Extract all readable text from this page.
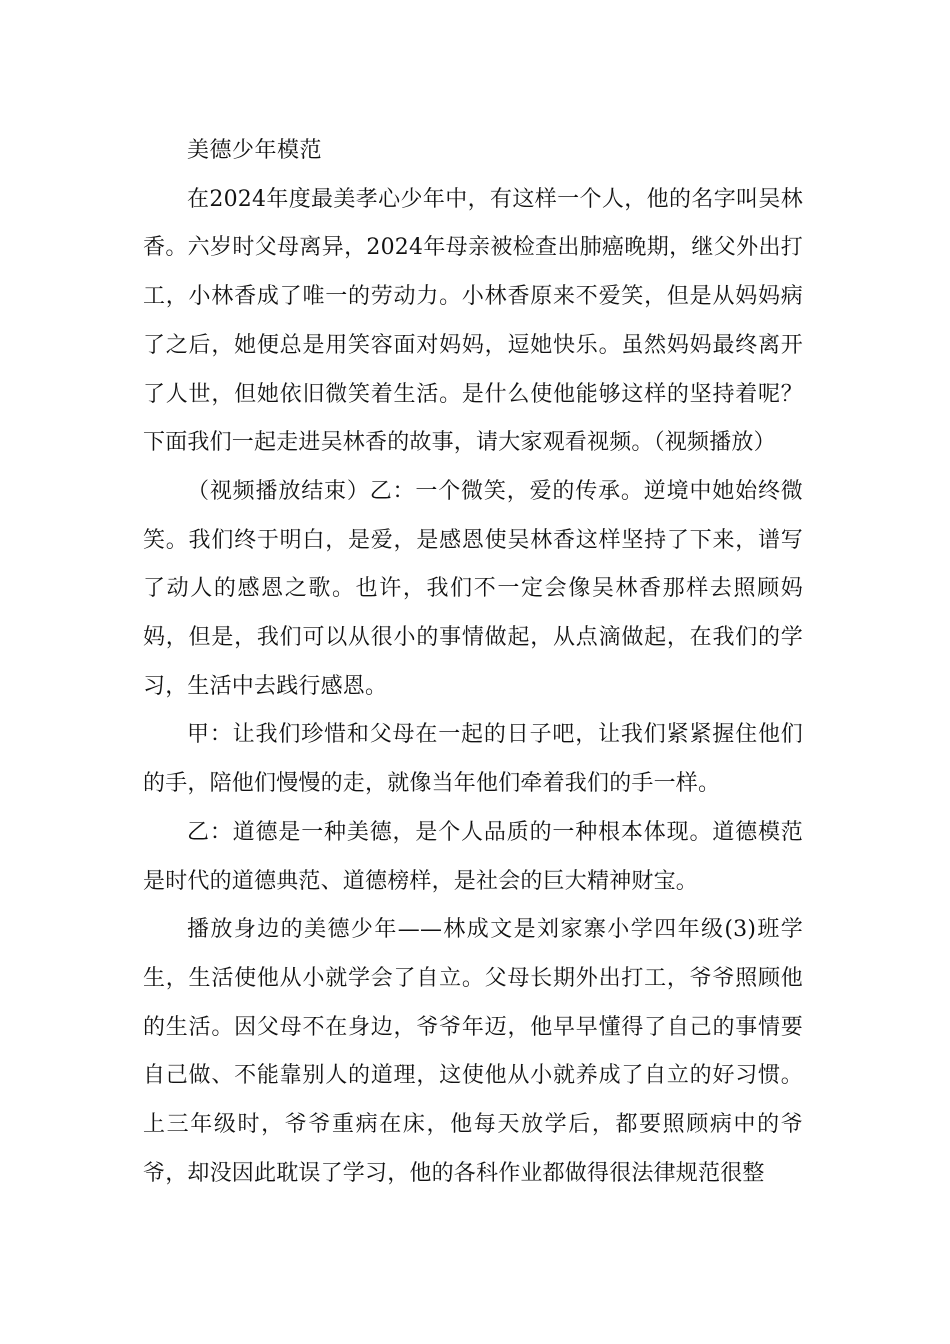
美德少年模范

在2024年度最美孝心少年中，有这样一个人，他的名字叫吴林香。六岁时父母离异，2024年母亲被检查出肺癌晚期，继父外出打工，小林香成了唯一的劳动力。小林香原来不爱笑，但是从妈妈病了之后，她便总是用笑容面对妈妈，逗她快乐。虽然妈妈最终离开了人世，但她依旧微笑着生活。是什么使他能够这样的坚持着呢？下面我们一起走进吴林香的故事，请大家观看视频。（视频播放）

（视频播放结束）乙：一个微笑，爱的传承。逆境中她始终微笑。我们终于明白，是爱，是感恩使吴林香这样坚持了下来，谱写了动人的感恩之歌。也许，我们不一定会像吴林香那样去照顾妈妈，但是，我们可以从很小的事情做起，从点滴做起，在我们的学习，生活中去践行感恩。

甲：让我们珍惜和父母在一起的日子吧，让我们紧紧握住他们的手，陪他们慢慢的走，就像当年他们牵着我们的手一样。

乙：道德是一种美德，是个人品质的一种根本体现。道德模范是时代的道德典范、道德榜样，是社会的巨大精神财宝。

播放身边的美德少年——林成文是刘家寨小学四年级(3)班学生，生活使他从小就学会了自立。父母长期外出打工，爷爷照顾他的生活。因父母不在身边，爷爷年迈，他早早懂得了自己的事情要自己做、不能靠别人的道理，这使他从小就养成了自立的好习惯。上三年级时，爷爷重病在床，他每天放学后，都要照顾病中的爷爷，却没因此耽误了学习，他的各科作业都做得很法律规范很整
